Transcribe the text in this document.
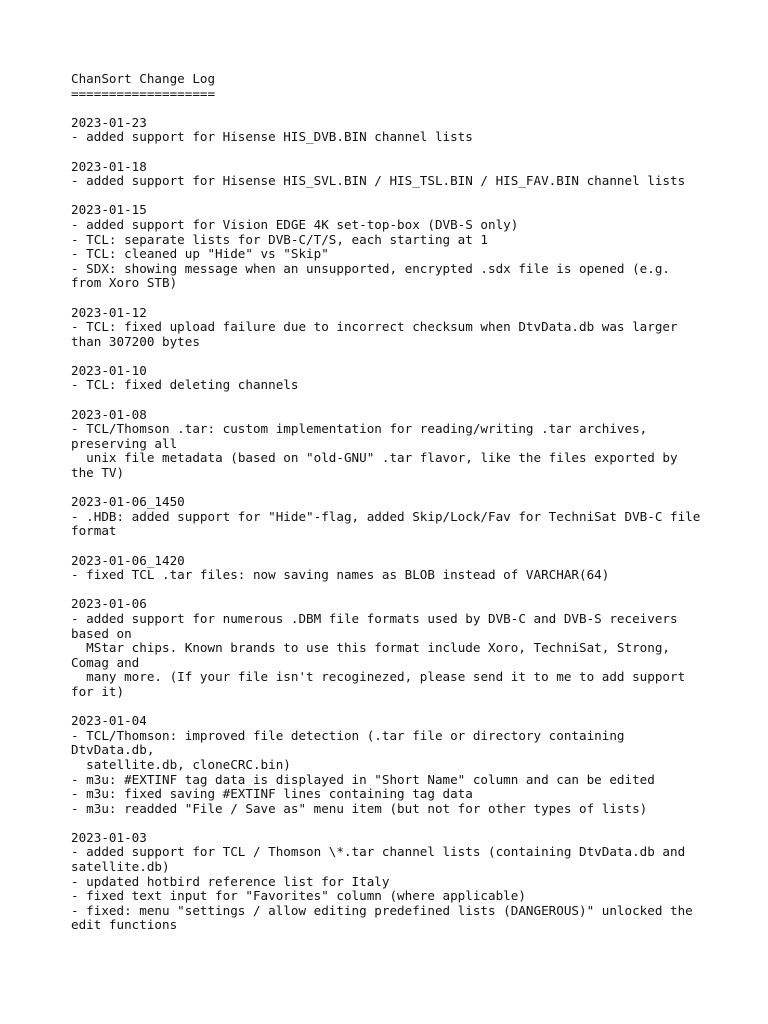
ChanSort Change Log
===================
2023-01-23
- added support for Hisense HIS_DVB.BIN channel lists
2023-01-18
- added support for Hisense HIS_SVL.BIN / HIS_TSL.BIN / HIS_FAV.BIN channel lists
2023-01-15
- added support for Vision EDGE 4K set-top-box (DVB-S only)
- TCL: separate lists for DVB-C/T/S, each starting at 1
- TCL: cleaned up "Hide" vs "Skip"
- SDX: showing message when an unsupported, encrypted .sdx file is opened (e.g.
from Xoro STB)
2023-01-12
- TCL: fixed upload failure due to incorrect checksum when DtvData.db was larger
than 307200 bytes
2023-01-10
- TCL: fixed deleting channels
2023-01-08
- TCL/Thomson .tar: custom implementation for reading/writing .tar archives,
preserving all
unix file metadata (based on "old-GNU" .tar flavor, like the files exported by
the TV)
2023-01-06_1450
- .HDB: added support for "Hide"-flag, added Skip/Lock/Fav for TechniSat DVB-C file
format
2023-01-06_1420
- fixed TCL .tar files: now saving names as BLOB instead of VARCHAR(64)
2023-01-06
- added support for numerous .DBM file formats used by DVB-C and DVB-S receivers
based on
MStar chips. Known brands to use this format include Xoro, TechniSat, Strong,
Comag and
many more. (If your file isn't recoginezed, please send it to me to add support
for it)
2023-01-04
- TCL/Thomson: improved file detection (.tar file or directory containing
DtvData.db,
satellite.db, cloneCRC.bin)
- m3u: #EXTINF tag data is displayed in "Short Name" column and can be edited
- m3u: fixed saving #EXTINF lines containing tag data
- m3u: readded "File / Save as" menu item (but not for other types of lists)
2023-01-03
- added support for TCL / Thomson \*.tar channel lists (containing DtvData.db and
satellite.db)
- updated hotbird reference list for Italy
- fixed text input for "Favorites" column (where applicable)
- fixed: menu "settings / allow editing predefined lists (DANGEROUS)" unlocked the
edit functions
